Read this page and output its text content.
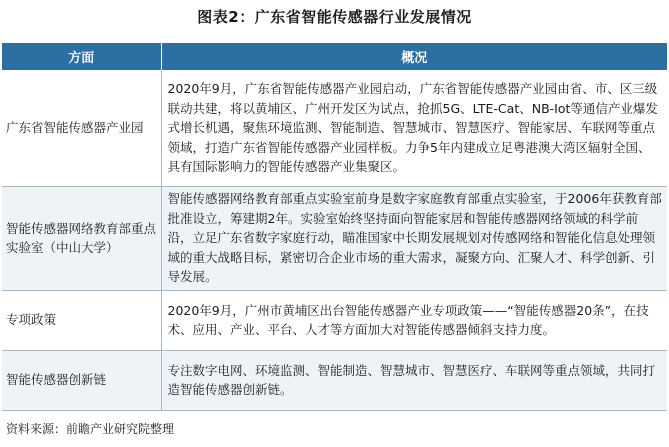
图表2：广东省智能传感器行业发展情况
方面	概况
广东省智能传感器产业园	2020年9月，广东省智能传感器产业园启动，广东省智能传感器产业园由省、市、区三级联动共建，将以黄埔区、广州开发区为试点，抢抓5G、LTE-Cat、NB-Iot等通信产业爆发式增长机遇，聚焦环境监测、智能制造、智慧城市、智慧医疗、智能家居、车联网等重点领域，打造广东省智能传感器产业园样板。力争5年内建成立足粤港澳大湾区辐射全国、具有国际影响力的智能传感器产业集聚区。
智能传感器网络教育部重点实验室（中山大学）	智能传感器网络教育部重点实验室前身是数字家庭教育部重点实验室，于2006年获教育部批准设立，筹建期2年。实验室始终坚持面向智能家居和智能传感器网络领域的科学前沿，立足广东省数字家庭行动，瞄准国家中长期发展规划对传感网络和智能化信息处理领域的重大战略目标，紧密切合企业市场的重大需求，凝聚方向、汇聚人才、科学创新、引导发展。
专项政策	2020年9月，广州市黄埔区出台智能传感器产业专项政策——“智能传感器20条”，在技术、应用、产业、平台、人才等方面加大对智能传感器倾斜支持力度。
智能传感器创新链	专注数字电网、环境监测、智能制造、智慧城市、智慧医疗、车联网等重点领域，共同打造智能传感器创新链。
资料来源：前瞻产业研究院整理
